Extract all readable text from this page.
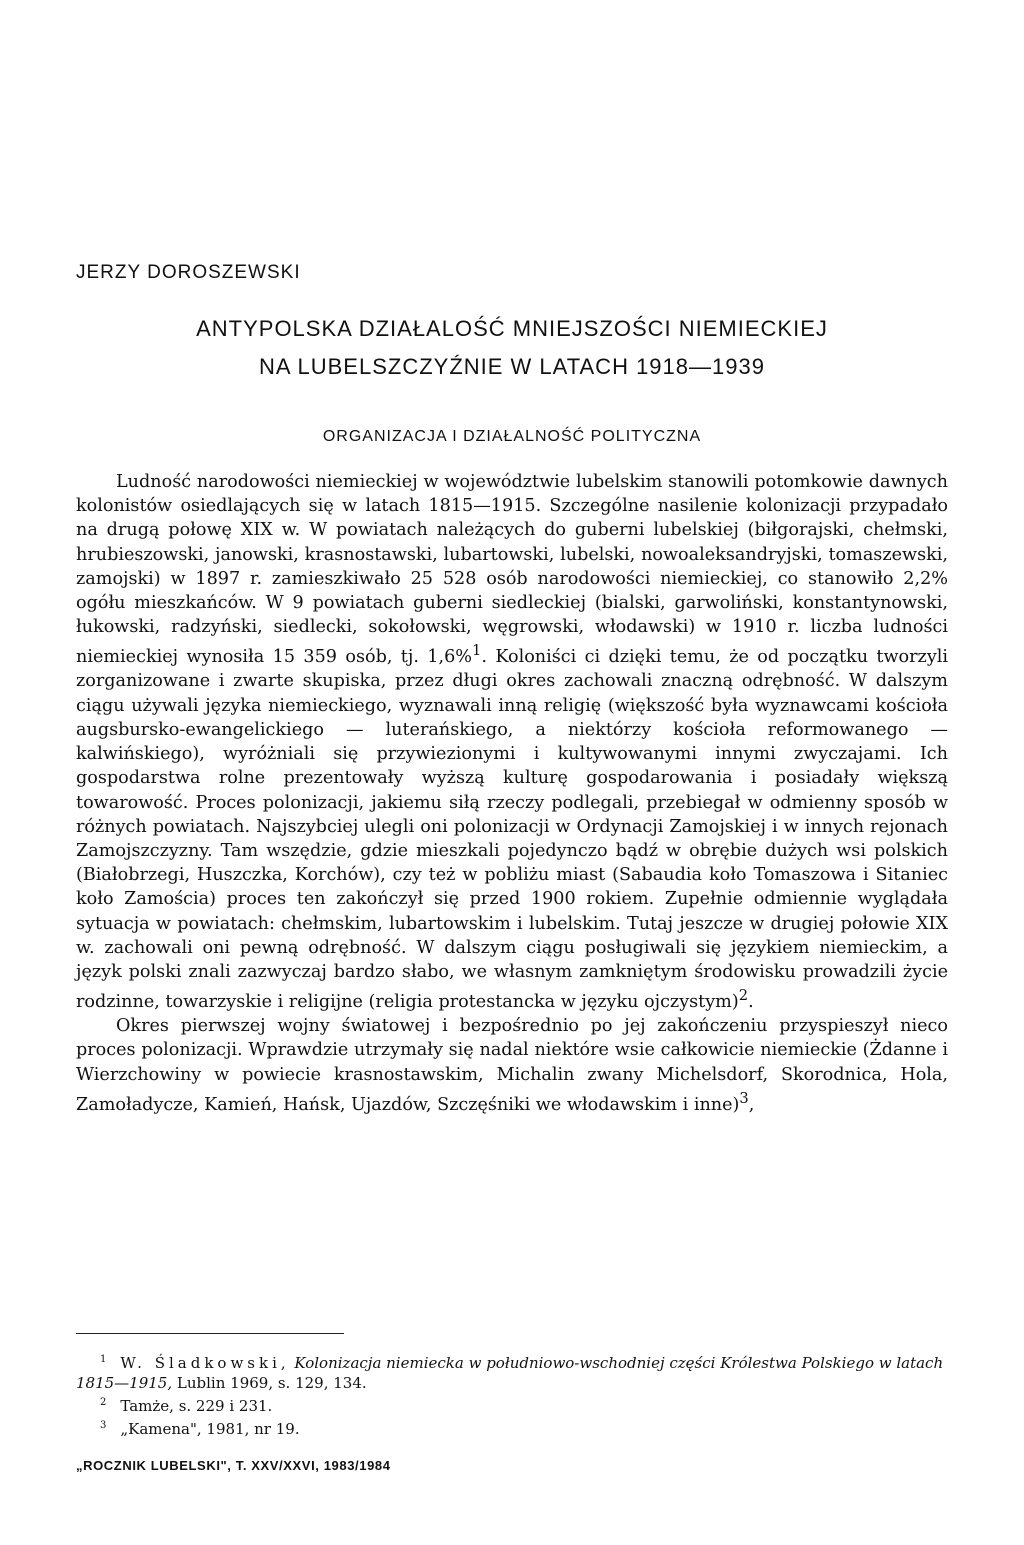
JERZY DOROSZEWSKI
ANTYPOLSKA DZIAŁALOŚĆ MNIEJSZOŚCI NIEMIECKIEJ
NA LUBELSZCZYŹNIE W LATACH 1918—1939
ORGANIZACJA I DZIAŁALNOŚĆ POLITYCZNA

Ludność narodowości niemieckiej w województwie lubelskim stanowili potomkowie dawnych kolonistów osiedlających się w latach 1815—1915. Szczególne nasilenie kolonizacji przypadało na drugą połowę XIX w. W powiatach należących do guberni lubelskiej (biłgorajski, chełmski, hrubieszowski, janowski, krasnostawski, lubartowski, lubelski, nowoaleksandryjski, tomaszewski, zamojski) w 1897 r. zamieszkiwało 25 528 osób narodowości niemieckiej, co stanowiło 2,2% ogółu mieszkańców. W 9 powiatach guberni siedleckiej (bialski, garwoliński, konstantynowski, łukowski, radzyński, siedlecki, sokołowski, węgrowski, włodawski) w 1910 r. liczba ludności niemieckiej wynosiła 15 359 osób, tj. 1,6%$^1$. Koloniści ci dzięki temu, że od początku tworzyli zorganizowane i zwarte skupiska, przez długi okres zachowali znaczną odrębność. W dalszym ciągu używali języka niemieckiego, wyznawali inną religię (większość była wyznawcami kościoła augsbursko-ewangelickiego — luterańskiego, a niektórzy kościoła reformowanego — kalwińskiego), wyróżniali się przywiezionymi i kultywowanymi innymi zwyczajami. Ich gospodarstwa rolne prezentowały wyższą kulturę gospodarowania i posiadały większą towarowość. Proces polonizacji, jakiemu siłą rzeczy podlegali, przebiegał w odmienny sposób w różnych powiatach. Najszybciej ulegli oni polonizacji w Ordynacji Zamojskiej i w innych rejonach Zamojszczyzny. Tam wszędzie, gdzie mieszkali pojedynczo bądź w obrębie dużych wsi polskich (Białobrzegi, Huszczka, Korchów), czy też w pobliżu miast (Sabaudia koło Tomaszowa i Sitaniec koło Zamościa) proces ten zakończył się przed 1900 rokiem. Zupełnie odmiennie wyglądała sytuacja w powiatach: chełmskim, lubartowskim i lubelskim. Tutaj jeszcze w drugiej połowie XIX w. zachowali oni pewną odrębność. W dalszym ciągu posługiwali się językiem niemieckim, a język polski znali zazwyczaj bardzo słabo, we własnym zamkniętym środowisku prowadzili życie rodzinne, towarzyskie i religijne (religia protestancka w języku ojczystym)$^2$.

Okres pierwszej wojny światowej i bezpośrednio po jej zakończeniu przyspieszył nieco proces polonizacji. Wprawdzie utrzymały się nadal niektóre wsie całkowicie niemieckie (Żdanne i Wierzchowiny w powiecie krasnostawskim, Michalin zwany Michelsdorf, Skorodnica, Hola, Zamoładycze, Kamień, Hańsk, Ujazdów, Szczęśniki we włodawskim i inne)$^3$,

$^1$ W. Śladkowski, Kolonizacja niemiecka w południowo-wschodniej części Królestwa Polskiego w latach 1815—1915, Lublin 1969, s. 129, 134.

$^2$ Tamże, s. 229 i 231.

$^3$ „Kamena", 1981, nr 19.

„ROCZNIK LUBELSKI", T. XXV/XXVI, 1983/1984
